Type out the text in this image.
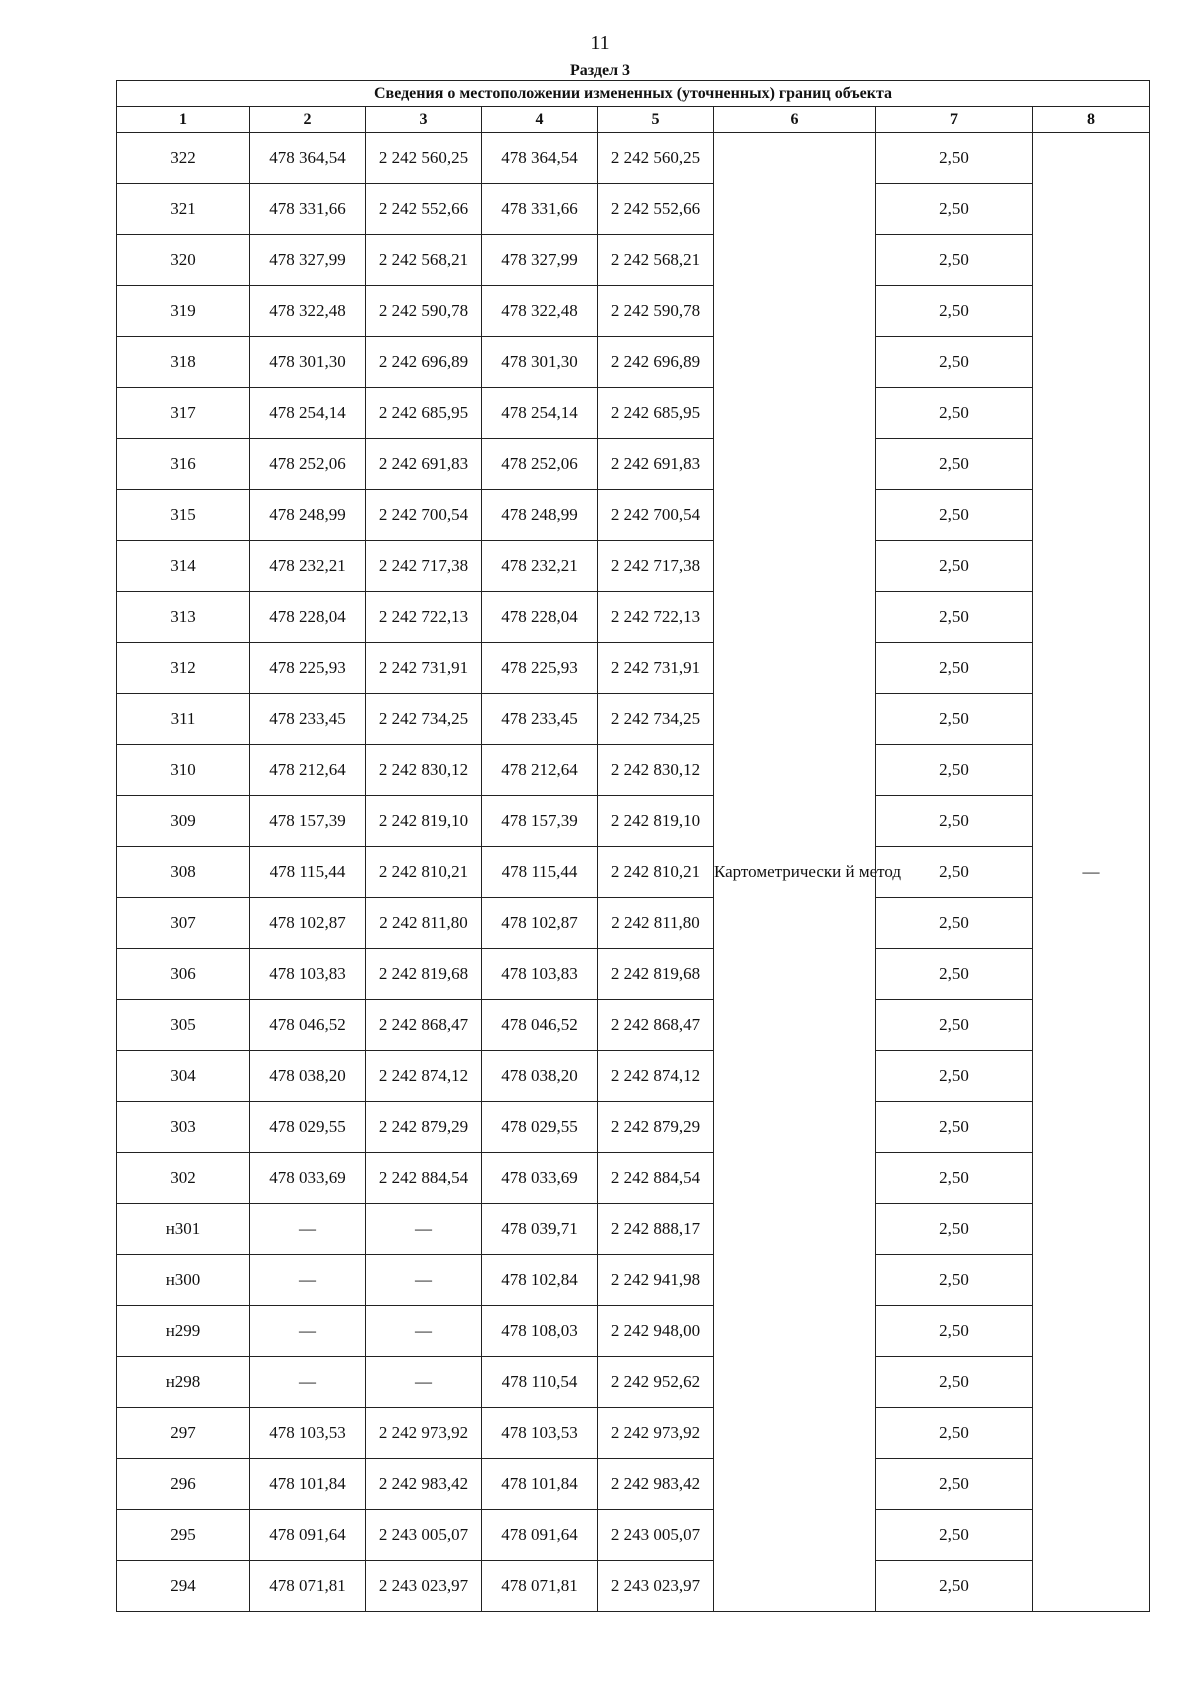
11
Раздел 3
Сведения о местоположении измененных (уточненных) границ объекта							
1	2	3	4	5	6	7	8
322	478 364,54	2 242 560,25	478 364,54	2 242 560,25	Картометрически й метод	2,50	—
321	478 331,66	2 242 552,66	478 331,66	2 242 552,66		2,50	
320	478 327,99	2 242 568,21	478 327,99	2 242 568,21		2,50	
319	478 322,48	2 242 590,78	478 322,48	2 242 590,78		2,50	
318	478 301,30	2 242 696,89	478 301,30	2 242 696,89		2,50	
317	478 254,14	2 242 685,95	478 254,14	2 242 685,95		2,50	
316	478 252,06	2 242 691,83	478 252,06	2 242 691,83		2,50	
315	478 248,99	2 242 700,54	478 248,99	2 242 700,54		2,50	
314	478 232,21	2 242 717,38	478 232,21	2 242 717,38		2,50	
313	478 228,04	2 242 722,13	478 228,04	2 242 722,13		2,50	
312	478 225,93	2 242 731,91	478 225,93	2 242 731,91		2,50	
311	478 233,45	2 242 734,25	478 233,45	2 242 734,25		2,50	
310	478 212,64	2 242 830,12	478 212,64	2 242 830,12		2,50	
309	478 157,39	2 242 819,10	478 157,39	2 242 819,10		2,50	
308	478 115,44	2 242 810,21	478 115,44	2 242 810,21		2,50	
307	478 102,87	2 242 811,80	478 102,87	2 242 811,80		2,50	
306	478 103,83	2 242 819,68	478 103,83	2 242 819,68		2,50	
305	478 046,52	2 242 868,47	478 046,52	2 242 868,47		2,50	
304	478 038,20	2 242 874,12	478 038,20	2 242 874,12		2,50	
303	478 029,55	2 242 879,29	478 029,55	2 242 879,29		2,50	
302	478 033,69	2 242 884,54	478 033,69	2 242 884,54		2,50	
н301	—	—	478 039,71	2 242 888,17		2,50	
н300	—	—	478 102,84	2 242 941,98		2,50	
н299	—	—	478 108,03	2 242 948,00		2,50	
н298	—	—	478 110,54	2 242 952,62		2,50	
297	478 103,53	2 242 973,92	478 103,53	2 242 973,92		2,50	
296	478 101,84	2 242 983,42	478 101,84	2 242 983,42		2,50	
295	478 091,64	2 243 005,07	478 091,64	2 243 005,07		2,50	
294	478 071,81	2 243 023,97	478 071,81	2 243 023,97		2,50	
